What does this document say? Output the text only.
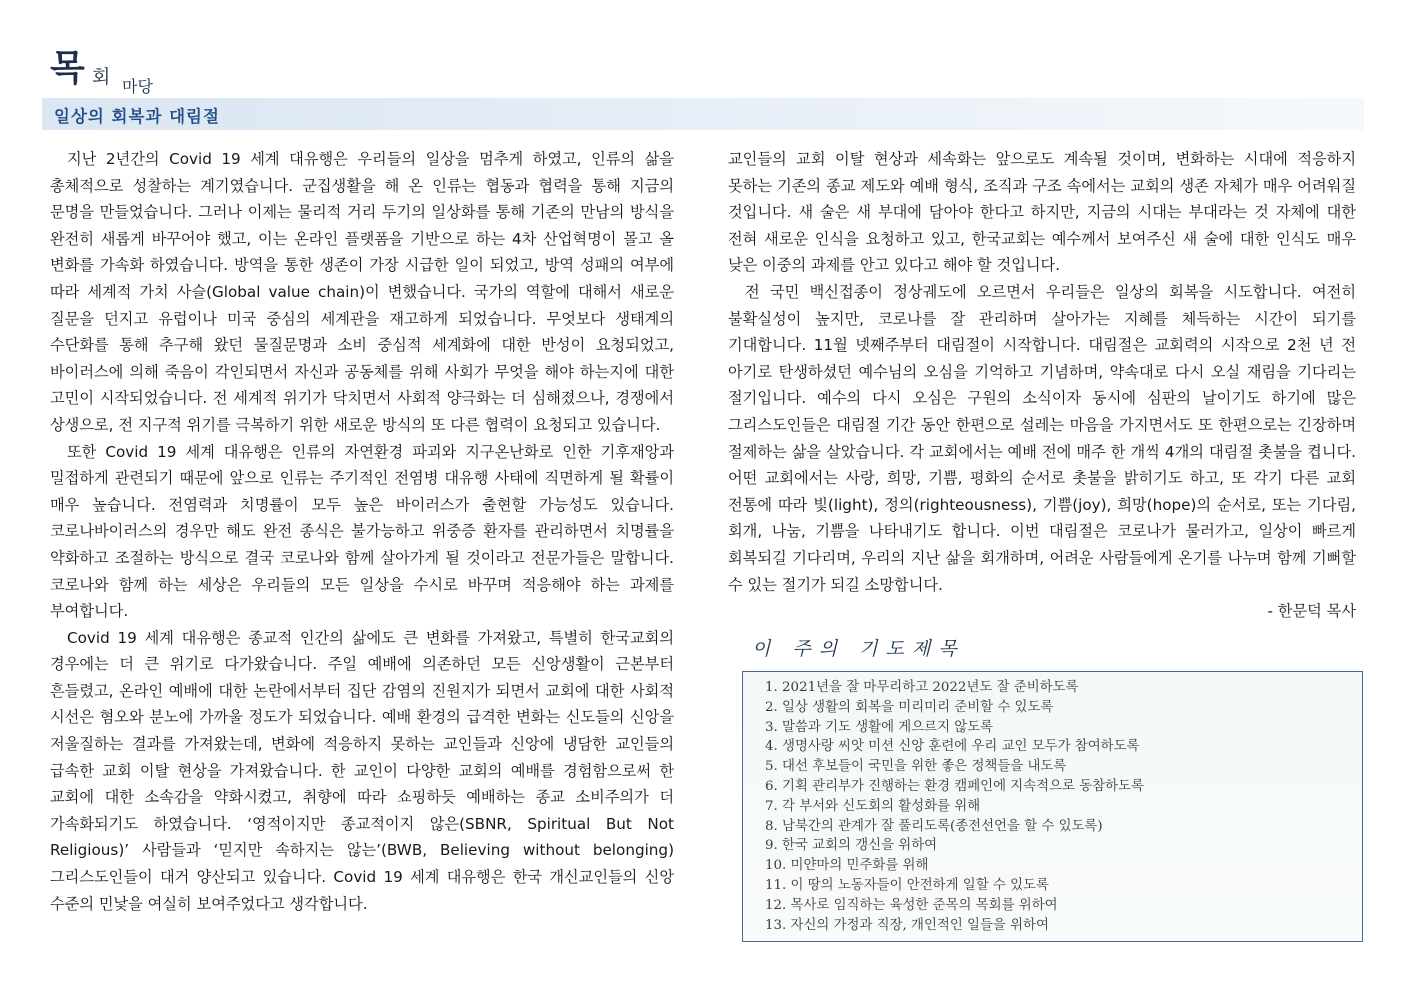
목 회 마당
일상의 회복과 대림절

지난 2년간의 Covid 19 세계 대유행은 우리들의 일상을 멈추게 하였고, 인류의 삶을 총체적으로 성찰하는 계기였습니다. 군집생활을 해 온 인류는 협동과 협력을 통해 지금의 문명을 만들었습니다. 그러나 이제는 물리적 거리 두기의 일상화를 통해 기존의 만남의 방식을 완전히 새롭게 바꾸어야 했고, 이는 온라인 플랫폼을 기반으로 하는 4차 산업혁명이 몰고 올 변화를 가속화 하였습니다. 방역을 통한 생존이 가장 시급한 일이 되었고, 방역 성패의 여부에 따라 세계적 가치 사슬(Global value chain)이 변했습니다. 국가의 역할에 대해서 새로운 질문을 던지고 유럽이나 미국 중심의 세계관을 재고하게 되었습니다. 무엇보다 생태계의 수단화를 통해 추구해 왔던 물질문명과 소비 중심적 세계화에 대한 반성이 요청되었고, 바이러스에 의해 죽음이 각인되면서 자신과 공동체를 위해 사회가 무엇을 해야 하는지에 대한 고민이 시작되었습니다. 전 세계적 위기가 닥치면서 사회적 양극화는 더 심해졌으나, 경쟁에서 상생으로, 전 지구적 위기를 극복하기 위한 새로운 방식의 또 다른 협력이 요청되고 있습니다.

또한 Covid 19 세계 대유행은 인류의 자연환경 파괴와 지구온난화로 인한 기후재앙과 밀접하게 관련되기 때문에 앞으로 인류는 주기적인 전염병 대유행 사태에 직면하게 될 확률이 매우 높습니다. 전염력과 치명률이 모두 높은 바이러스가 출현할 가능성도 있습니다. 코로나바이러스의 경우만 해도 완전 종식은 불가능하고 위중증 환자를 관리하면서 치명률을 약화하고 조절하는 방식으로 결국 코로나와 함께 살아가게 될 것이라고 전문가들은 말합니다. 코로나와 함께 하는 세상은 우리들의 모든 일상을 수시로 바꾸며 적응해야 하는 과제를 부여합니다.

Covid 19 세계 대유행은 종교적 인간의 삶에도 큰 변화를 가져왔고, 특별히 한국교회의 경우에는 더 큰 위기로 다가왔습니다. 주일 예배에 의존하던 모든 신앙생활이 근본부터 흔들렸고, 온라인 예배에 대한 논란에서부터 집단 감염의 진원지가 되면서 교회에 대한 사회적 시선은 혐오와 분노에 가까울 정도가 되었습니다. 예배 환경의 급격한 변화는 신도들의 신앙을 저울질하는 결과를 가져왔는데, 변화에 적응하지 못하는 교인들과 신앙에 냉담한 교인들의 급속한 교회 이탈 현상을 가져왔습니다. 한 교인이 다양한 교회의 예배를 경험함으로써 한 교회에 대한 소속감을 약화시켰고, 취향에 따라 쇼핑하듯 예배하는 종교 소비주의가 더 가속화되기도 하였습니다. ‘영적이지만 종교적이지 않은(SBNR, Spiritual But Not Religious)’ 사람들과 ‘믿지만 속하지는 않는’(BWB, Believing without belonging) 그리스도인들이 대거 양산되고 있습니다. Covid 19 세계 대유행은 한국 개신교인들의 신앙 수준의 민낯을 여실히 보여주었다고 생각합니다.

교인들의 교회 이탈 현상과 세속화는 앞으로도 계속될 것이며, 변화하는 시대에 적응하지 못하는 기존의 종교 제도와 예배 형식, 조직과 구조 속에서는 교회의 생존 자체가 매우 어려워질 것입니다. 새 술은 새 부대에 담아야 한다고 하지만, 지금의 시대는 부대라는 것 자체에 대한 전혀 새로운 인식을 요청하고 있고, 한국교회는 예수께서 보여주신 새 술에 대한 인식도 매우 낮은 이중의 과제를 안고 있다고 해야 할 것입니다.

전 국민 백신접종이 정상궤도에 오르면서 우리들은 일상의 회복을 시도합니다. 여전히 불확실성이 높지만, 코로나를 잘 관리하며 살아가는 지혜를 체득하는 시간이 되기를 기대합니다. 11월 넷째주부터 대림절이 시작합니다. 대림절은 교회력의 시작으로 2천 년 전 아기로 탄생하셨던 예수님의 오심을 기억하고 기념하며, 약속대로 다시 오실 재림을 기다리는 절기입니다. 예수의 다시 오심은 구원의 소식이자 동시에 심판의 날이기도 하기에 많은 그리스도인들은 대림절 기간 동안 한편으로 설레는 마음을 가지면서도 또 한편으로는 긴장하며 절제하는 삶을 살았습니다. 각 교회에서는 예배 전에 매주 한 개씩 4개의 대림절 촛불을 켭니다. 어떤 교회에서는 사랑, 희망, 기쁨, 평화의 순서로 촛불을 밝히기도 하고, 또 각기 다른 교회 전통에 따라 빛(light), 정의(righteousness), 기쁨(joy), 희망(hope)의 순서로, 또는 기다림, 회개, 나눔, 기쁨을 나타내기도 합니다. 이번 대림절은 코로나가 물러가고, 일상이 빠르게 회복되길 기다리며, 우리의 지난 삶을 회개하며, 어려운 사람들에게 온기를 나누며 함께 기뻐할 수 있는 절기가 되길 소망합니다.

- 한문덕 목사
이 주의 기도제목
1. 2021년을 잘 마무리하고 2022년도 잘 준비하도록
2. 일상 생활의 회복을 미리미리 준비할 수 있도록
3. 말씀과 기도 생활에 게으르지 않도록
4. 생명사랑 씨앗 미션 신앙 훈련에 우리 교인 모두가 참여하도록
5. 대선 후보들이 국민을 위한 좋은 정책들을 내도록
6. 기획 관리부가 진행하는 환경 캠페인에 지속적으로 동참하도록
7. 각 부서와 신도회의 활성화를 위해
8. 남북간의 관계가 잘 풀리도록(종전선언을 할 수 있도록)
9. 한국 교회의 갱신을 위하여
10. 미얀마의 민주화를 위해
11. 이 땅의 노동자들이 안전하게 일할 수 있도록
12. 목사로 임직하는 육성한 준목의 목회를 위하여
13. 자신의 가정과 직장, 개인적인 일들을 위하여
